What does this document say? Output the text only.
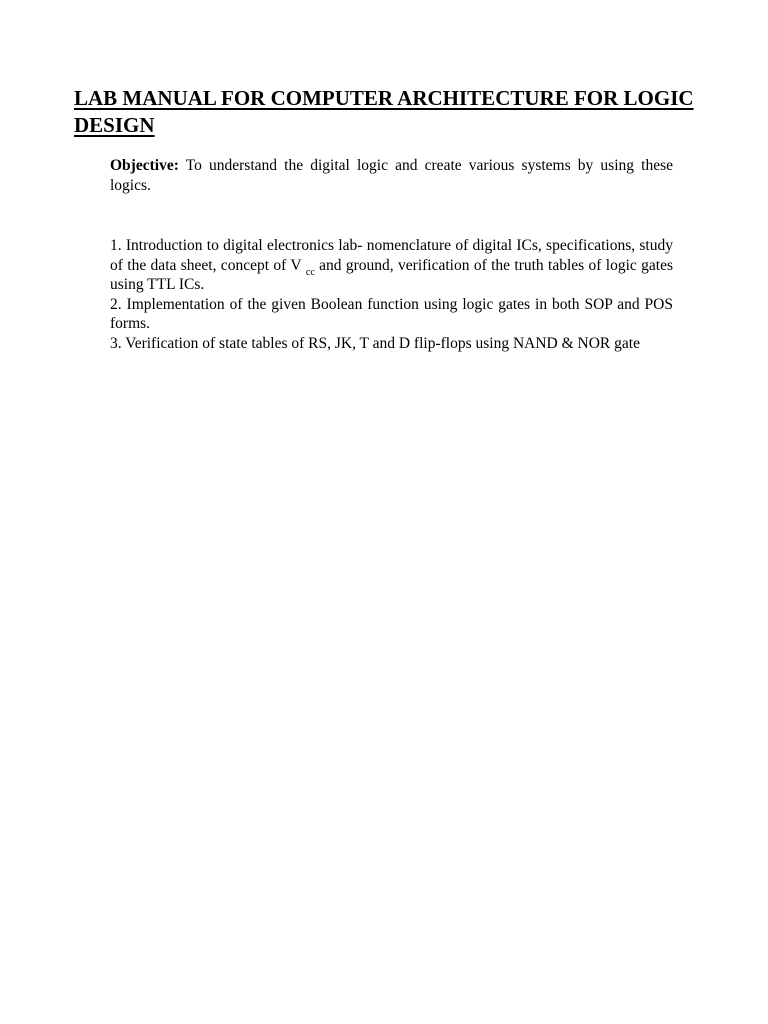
LAB MANUAL FOR COMPUTER ARCHITECTURE FOR LOGIC
DESIGN

Objective: To understand the digital logic and create various systems by using these logics.

1. Introduction to digital electronics lab- nomenclature of digital ICs, specifications, study of the data sheet, concept of V $_{cc}$ and ground, verification of the truth tables of logic gates using TTL ICs.

2. Implementation of the given Boolean function using logic gates in both SOP and POS forms.

3. Verification of state tables of RS, JK, T and D flip-flops using NAND & NOR gate
